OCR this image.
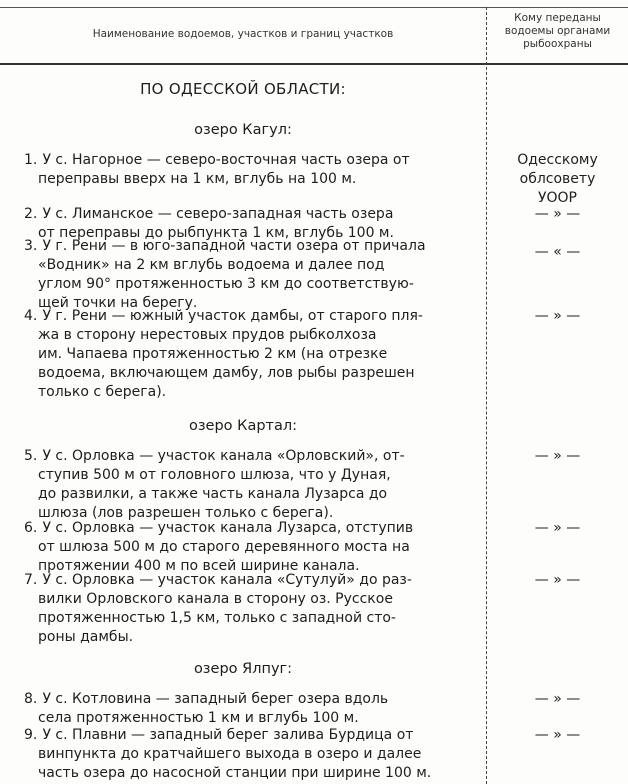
Наименование водоемов, участков и границ участков
Кому переданы
водоемы органами
рыбоохраны
ПО ОДЕССКОЙ ОБЛАСТИ:
озеро Кагул:
1. У с. Нагорное — северо-восточная часть озера от
переправы вверх на 1 км, вглубь на 100 м.
Одесскому
облсовету
УООР
2. У с. Лиманское — северо-западная часть озера
от переправы до рыбпункта 1 км, вглубь 100 м.
— » —
3. У г. Рени — в юго-западной части озера от причала
«Водник» на 2 км вглубь водоема и далее под
углом 90° протяженностью 3 км до соответствую-
щей точки на берегу.
— « —
4. У г. Рени — южный участок дамбы, от старого пля-
жа в сторону нерестовых прудов рыбколхоза
им. Чапаева протяженностью 2 км (на отрезке
водоема, включающем дамбу, лов рыбы разрешен
только с берега).
— » —
озеро Картал:
5. У с. Орловка — участок канала «Орловский», от-
ступив 500 м от головного шлюза, что у Дуная,
до развилки, а также часть канала Лузарса до
шлюза (лов разрешен только с берега).
— » —
6. У с. Орловка — участок канала Лузарса, отступив
от шлюза 500 м до старого деревянного моста на
протяжении 400 м по всей ширине канала.
— » —
7. У с. Орловка — участок канала «Сутулуй» до раз-
вилки Орловского канала в сторону оз. Русское
протяженностью 1,5 км, только с западной сто-
роны дамбы.
— » —
озеро Ялпуг:
8. У с. Котловина — западный берег озера вдоль
села протяженностью 1 км и вглубь 100 м.
— » —
9. У с. Плавни — западный берег залива Бурдица от
винпункта до кратчайшего выхода в озеро и далее
часть озера до насосной станции при ширине 100 м.
— » —
